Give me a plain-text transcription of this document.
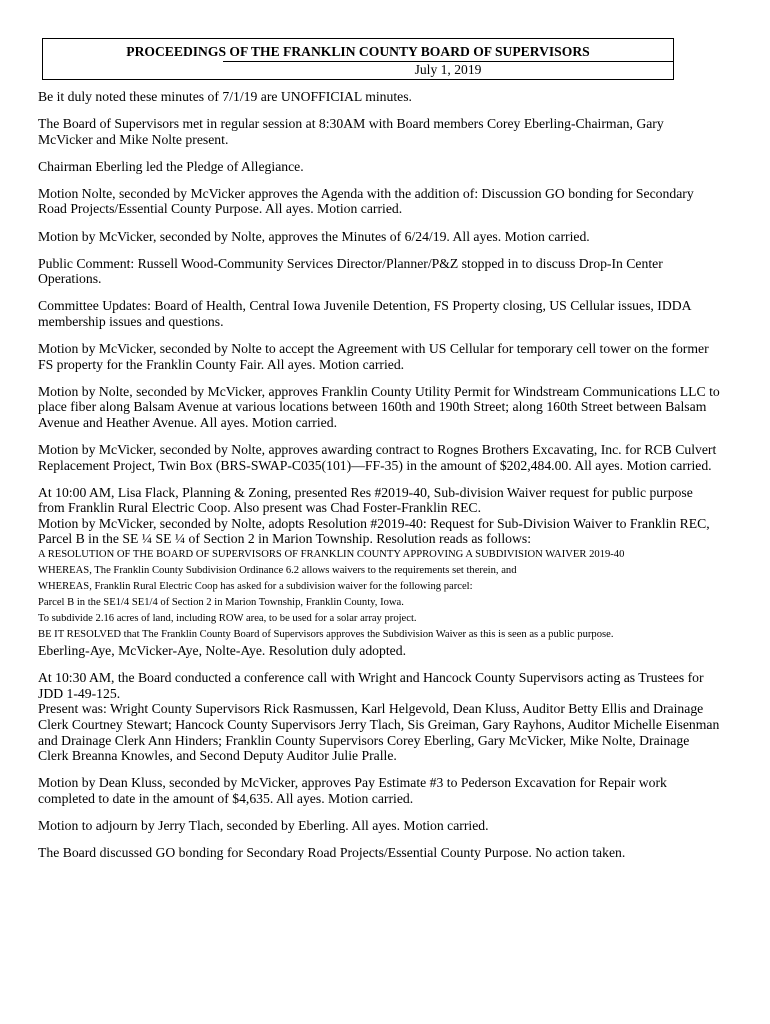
PROCEEDINGS OF THE FRANKLIN COUNTY BOARD OF SUPERVISORS
July 1, 2019

Be it duly noted these minutes of 7/1/19 are UNOFFICIAL minutes.

The Board of Supervisors met in regular session at 8:30AM with Board members Corey Eberling-Chairman, Gary McVicker and Mike Nolte present.

Chairman Eberling led the Pledge of Allegiance.

Motion Nolte, seconded by McVicker approves the Agenda with the addition of: Discussion GO bonding for Secondary Road Projects/Essential County Purpose. All ayes. Motion carried.

Motion by McVicker, seconded by Nolte, approves the Minutes of 6/24/19. All ayes. Motion carried.

Public Comment: Russell Wood-Community Services Director/Planner/P&Z stopped in to discuss Drop-In Center Operations.

Committee Updates: Board of Health, Central Iowa Juvenile Detention, FS Property closing, US Cellular issues, IDDA membership issues and questions.

Motion by McVicker, seconded by Nolte to accept the Agreement with US Cellular for temporary cell tower on the former FS property for the Franklin County Fair. All ayes. Motion carried.

Motion by Nolte, seconded by McVicker, approves Franklin County Utility Permit for Windstream Communications LLC to place fiber along Balsam Avenue at various locations between 160th and 190th Street; along 160th Street between Balsam Avenue and Heather Avenue. All ayes. Motion carried.

Motion by McVicker, seconded by Nolte, approves awarding contract to Rognes Brothers Excavating, Inc. for RCB Culvert Replacement Project, Twin Box (BRS-SWAP-C035(101)—FF-35) in the amount of $202,484.00. All ayes. Motion carried.

At 10:00 AM, Lisa Flack, Planning & Zoning, presented Res #2019-40, Sub-division Waiver request for public purpose from Franklin Rural Electric Coop. Also present was Chad Foster-Franklin REC.

Motion by McVicker, seconded by Nolte, adopts Resolution #2019-40: Request for Sub-Division Waiver to Franklin REC, Parcel B in the SE ¼ SE ¼ of Section 2 in Marion Township. Resolution reads as follows:

A RESOLUTION OF THE BOARD OF SUPERVISORS OF FRANKLIN COUNTY APPROVING A SUBDIVISION WAIVER 2019-40

WHEREAS, The Franklin County Subdivision Ordinance 6.2 allows waivers to the requirements set therein, and

WHEREAS, Franklin Rural Electric Coop has asked for a subdivision waiver for the following parcel:

Parcel B in the SE1/4 SE1/4 of Section 2 in Marion Township, Franklin County, Iowa.

To subdivide 2.16 acres of land, including ROW area, to be used for a solar array project.

BE IT RESOLVED that The Franklin County Board of Supervisors approves the Subdivision Waiver as this is seen as a public purpose.

Eberling-Aye, McVicker-Aye, Nolte-Aye. Resolution duly adopted.

At 10:30 AM, the Board conducted a conference call with Wright and Hancock County Supervisors acting as Trustees for JDD 1-49-125.

Present was: Wright County Supervisors Rick Rasmussen, Karl Helgevold, Dean Kluss, Auditor Betty Ellis and Drainage Clerk Courtney Stewart; Hancock County Supervisors Jerry Tlach, Sis Greiman, Gary Rayhons, Auditor Michelle Eisenman and Drainage Clerk Ann Hinders; Franklin County Supervisors Corey Eberling, Gary McVicker, Mike Nolte, Drainage Clerk Breanna Knowles, and Second Deputy Auditor Julie Pralle.

Motion by Dean Kluss, seconded by McVicker, approves Pay Estimate #3 to Pederson Excavation for Repair work completed to date in the amount of $4,635. All ayes. Motion carried.

Motion to adjourn by Jerry Tlach, seconded by Eberling. All ayes. Motion carried.

The Board discussed GO bonding for Secondary Road Projects/Essential County Purpose. No action taken.
